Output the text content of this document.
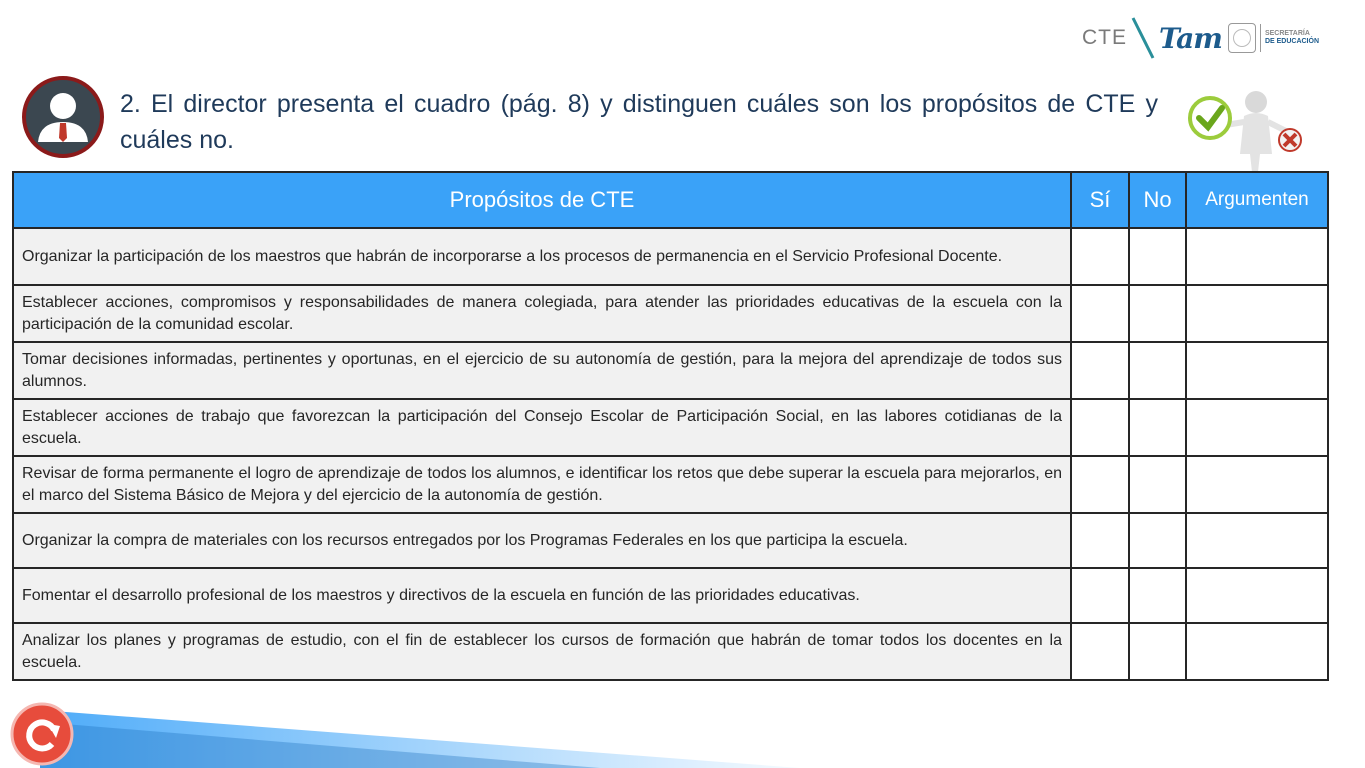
CTE Tam	SECRETARÍA
DE EDUCACIÓN
2. El director presenta el cuadro (pág. 8) y distinguen cuáles son los propósitos de CTE y cuáles no.
Propósitos de CTE	Sí	No	Argumenten
Organizar la participación de los maestros que habrán de incorporarse a los procesos de permanencia en el Servicio Profesional Docente.			
Establecer acciones, compromisos y responsabilidades de manera colegiada, para atender las prioridades educativas de la escuela con la participación de la comunidad escolar.			
Tomar decisiones informadas, pertinentes y oportunas, en el ejercicio de su autonomía de gestión, para la mejora del aprendizaje de todos sus alumnos.			
Establecer acciones de trabajo que favorezcan la participación del Consejo Escolar de Participación Social, en las labores cotidianas de la escuela.			
Revisar de forma permanente el logro de aprendizaje de todos los alumnos, e identificar los retos que debe superar la escuela para mejorarlos, en el marco del Sistema Básico de Mejora y del ejercicio de la autonomía de gestión.			
Organizar la compra de materiales con los recursos entregados por los Programas Federales en los que participa la escuela.			
Fomentar el desarrollo profesional de los maestros y directivos de la escuela en función de las prioridades educativas.			
Analizar los planes y programas de estudio, con el fin de establecer los cursos de formación que habrán de tomar todos los docentes en la escuela.			
